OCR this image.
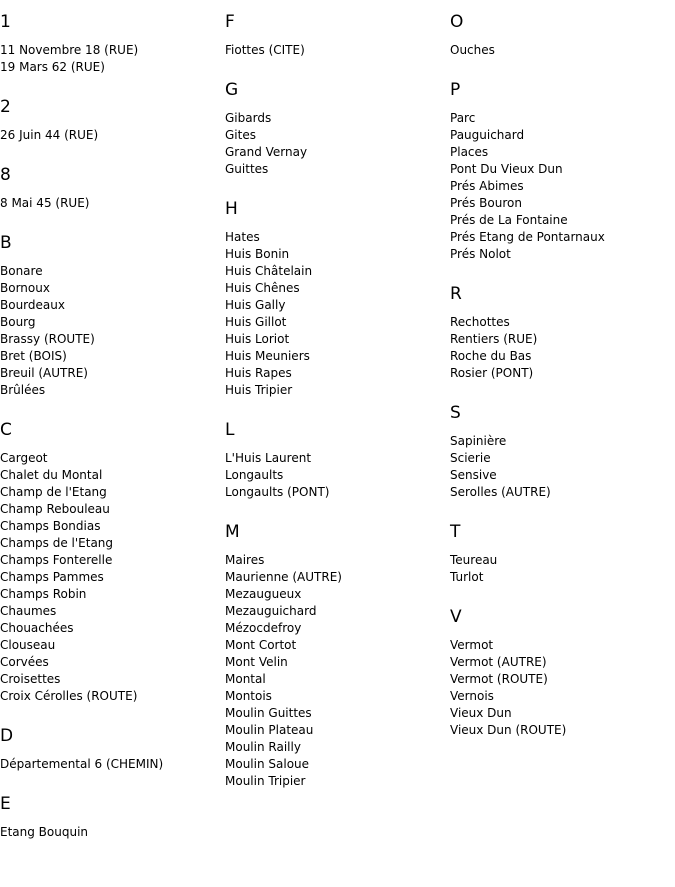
1
11 Novembre 18 (RUE)
19 Mars 62 (RUE)
2
26 Juin 44 (RUE)
8
8 Mai 45 (RUE)
B
Bonare
Bornoux
Bourdeaux
Bourg
Brassy (ROUTE)
Bret (BOIS)
Breuil (AUTRE)
Brûlées
C
Cargeot
Chalet du Montal
Champ de l'Etang
Champ Rebouleau
Champs Bondias
Champs de l'Etang
Champs Fonterelle
Champs Pammes
Champs Robin
Chaumes
Chouachées
Clouseau
Corvées
Croisettes
Croix Cérolles (ROUTE)
D
Départemental 6 (CHEMIN)
E
Etang Bouquin
F
Fiottes (CITE)
G
Gibards
Gites
Grand Vernay
Guittes
H
Hates
Huis Bonin
Huis Châtelain
Huis Chênes
Huis Gally
Huis Gillot
Huis Loriot
Huis Meuniers
Huis Rapes
Huis Tripier
L
L'Huis Laurent
Longaults
Longaults (PONT)
M
Maires
Maurienne (AUTRE)
Mezaugueux
Mezauguichard
Mézocdefroy
Mont Cortot
Mont Velin
Montal
Montois
Moulin Guittes
Moulin Plateau
Moulin Railly
Moulin Saloue
Moulin Tripier
O
Ouches
P
Parc
Pauguichard
Places
Pont Du Vieux Dun
Prés Abimes
Prés Bouron
Prés de La Fontaine
Prés Etang de Pontarnaux
Prés Nolot
R
Rechottes
Rentiers (RUE)
Roche du Bas
Rosier (PONT)
S
Sapinière
Scierie
Sensive
Serolles (AUTRE)
T
Teureau
Turlot
V
Vermot
Vermot (AUTRE)
Vermot (ROUTE)
Vernois
Vieux Dun
Vieux Dun (ROUTE)
